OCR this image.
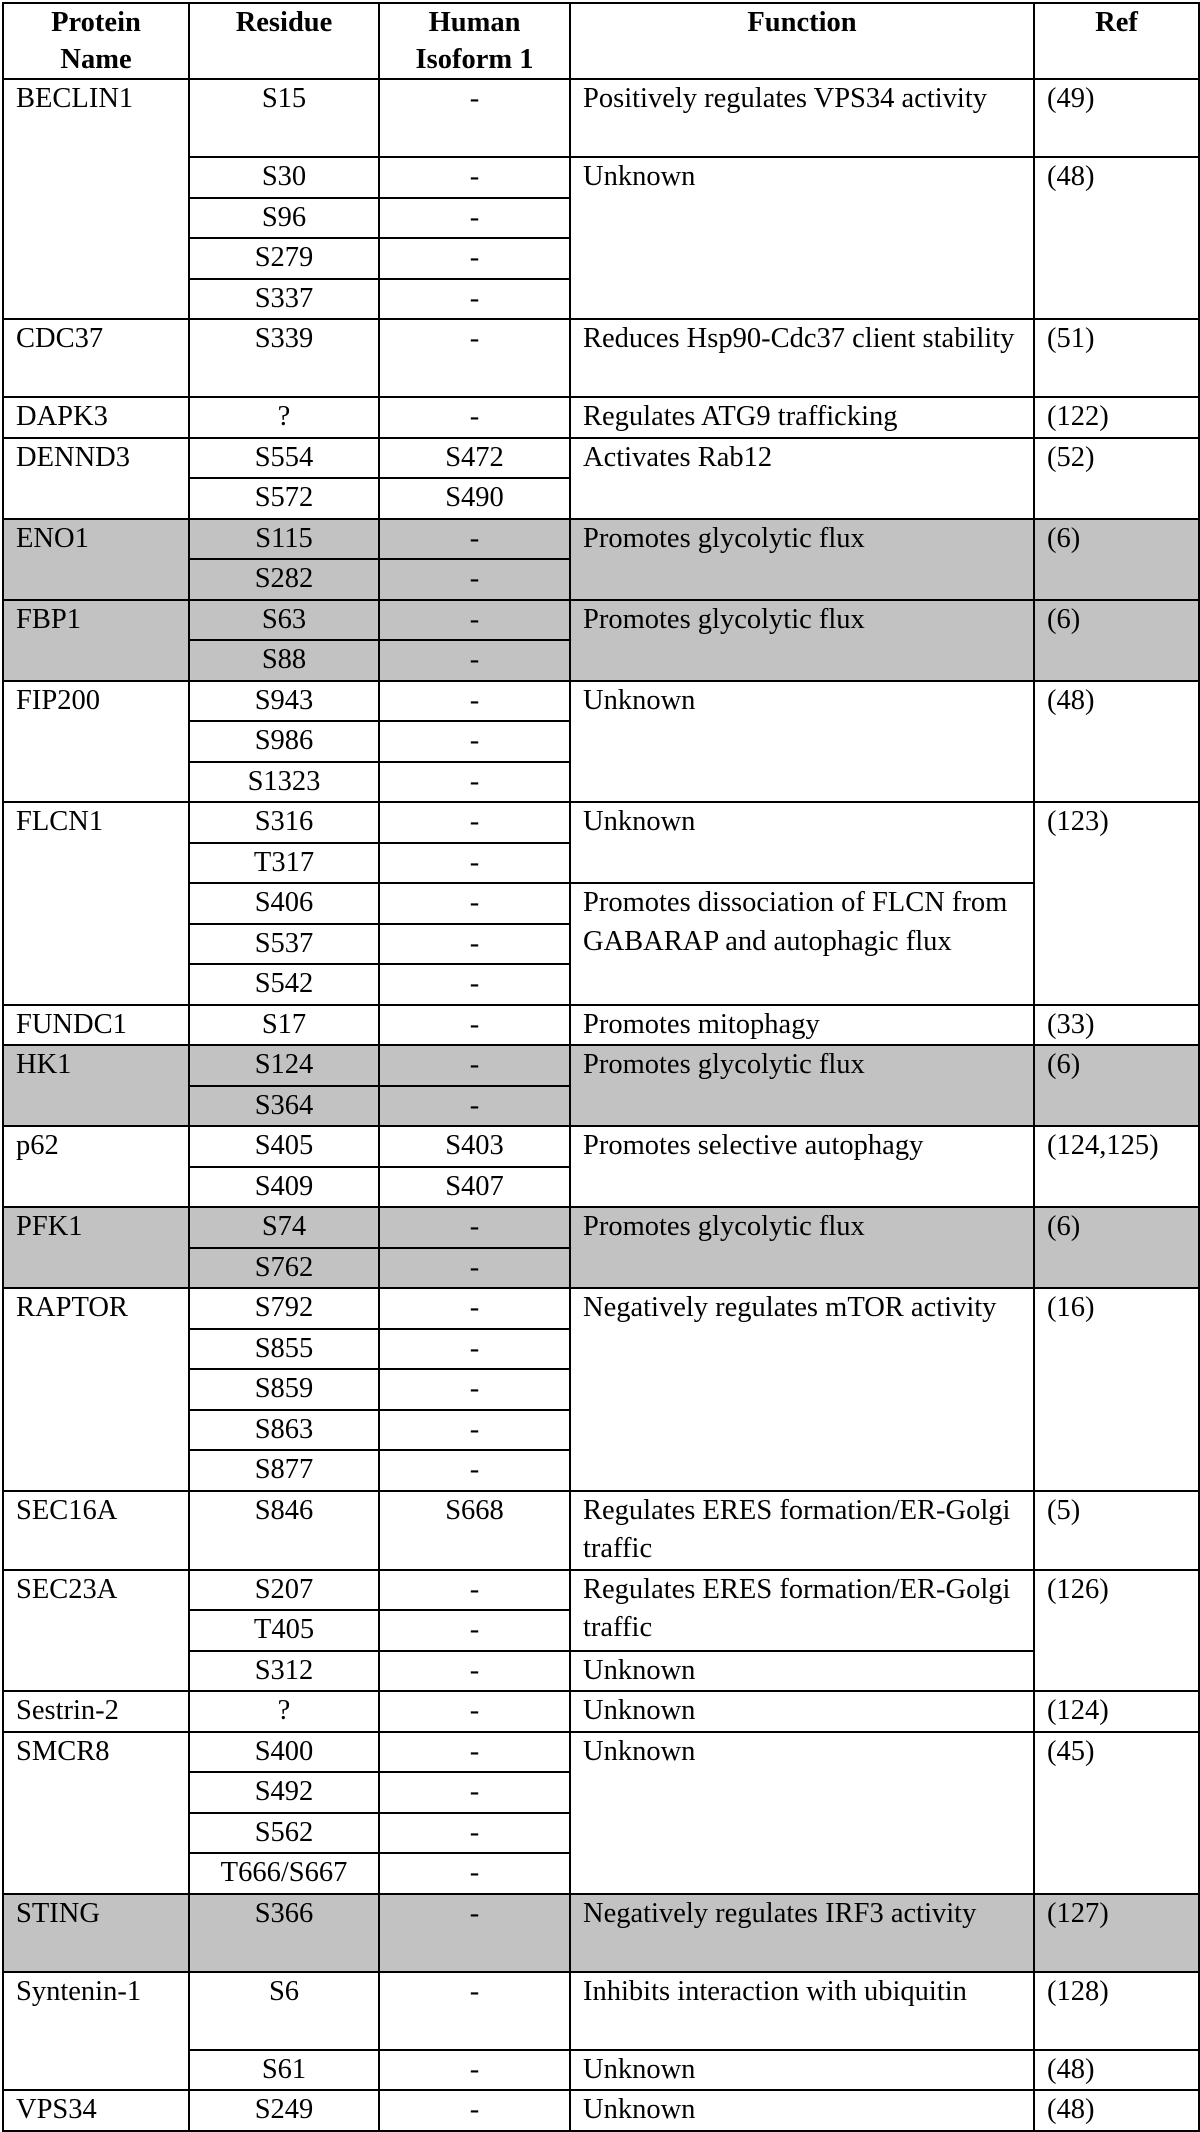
Protein Name	Residue	Human Isoform 1	Function	Ref
BECLIN1	S15	-	Positively regulates VPS34 activity	(49)
	S30	-	Unknown	(48)
	S96	-		
	S279	-		
	S337	-		
CDC37	S339	-	Reduces Hsp90-Cdc37 client stability	(51)
DAPK3	?	-	Regulates ATG9 trafficking	(122)
DENND3	S554	S472	Activates Rab12	(52)
	S572	S490		
ENO1	S115	-	Promotes glycolytic flux	(6)
	S282	-		
FBP1	S63	-	Promotes glycolytic flux	(6)
	S88	-		
FIP200	S943	-	Unknown	(48)
	S986	-		
	S1323	-		
FLCN1	S316	-	Unknown	(123)
	T317	-		
	S406	-	Promotes dissociation of FLCN from GABARAP and autophagic flux	
	S537	-		
	S542	-		
FUNDC1	S17	-	Promotes mitophagy	(33)
HK1	S124	-	Promotes glycolytic flux	(6)
	S364	-		
p62	S405	S403	Promotes selective autophagy	(124,125)
	S409	S407		
PFK1	S74	-	Promotes glycolytic flux	(6)
	S762	-		
RAPTOR	S792	-	Negatively regulates mTOR activity	(16)
	S855	-		
	S859	-		
	S863	-		
	S877	-		
SEC16A	S846	S668	Regulates ERES formation/ER-Golgi traffic	(5)
SEC23A	S207	-	Regulates ERES formation/ER-Golgi traffic	(126)
	T405	-		
	S312	-	Unknown	
Sestrin-2	?	-	Unknown	(124)
SMCR8	S400	-	Unknown	(45)
	S492	-		
	S562	-		
	T666/S667	-		
STING	S366	-	Negatively regulates IRF3 activity	(127)
Syntenin-1	S6	-	Inhibits interaction with ubiquitin	(128)
	S61	-	Unknown	(48)
VPS34	S249	-	Unknown	(48)
